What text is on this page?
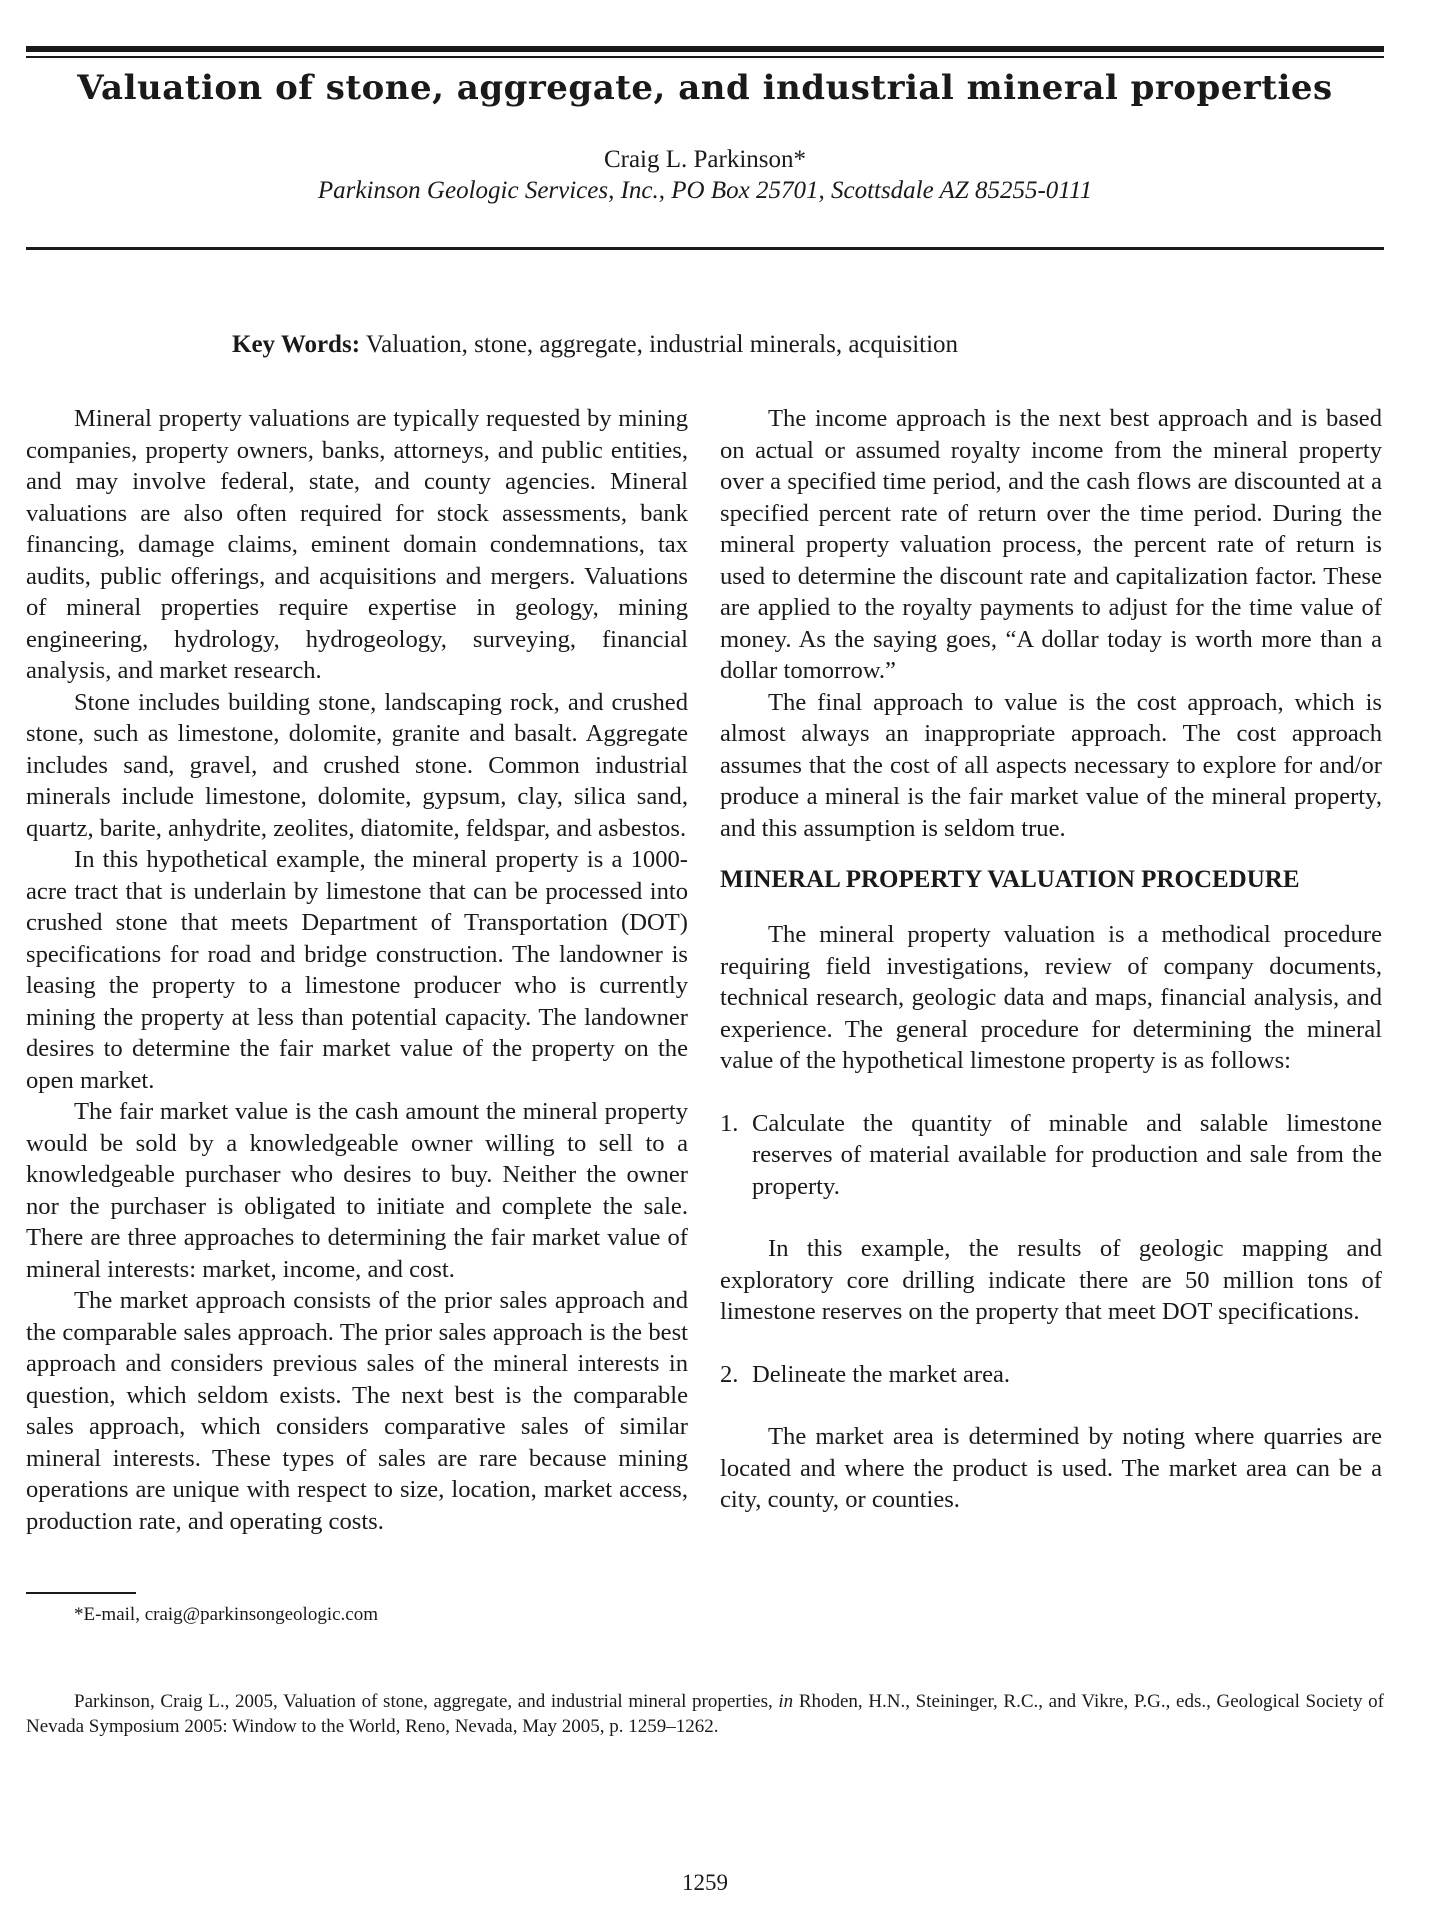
Valuation of stone, aggregate, and industrial mineral properties
Craig L. Parkinson*
Parkinson Geologic Services, Inc., PO Box 25701, Scottsdale AZ 85255-0111
Key Words: Valuation, stone, aggregate, industrial minerals, acquisition

Mineral property valuations are typically requested by mining companies, property owners, banks, attorneys, and public entities, and may involve federal, state, and county agencies. Mineral valuations are also often required for stock assessments, bank financing, damage claims, eminent domain condemnations, tax audits, public offerings, and acquisitions and mergers. Valuations of mineral properties require expertise in geology, mining engineering, hydrology, hydrogeology, surveying, financial analysis, and market research.

Stone includes building stone, landscaping rock, and crushed stone, such as limestone, dolomite, granite and basalt. Aggregate includes sand, gravel, and crushed stone. Common industrial minerals include limestone, dolomite, gypsum, clay, silica sand, quartz, barite, anhydrite, zeolites, diatomite, feldspar, and asbestos.

In this hypothetical example, the mineral property is a 1000-acre tract that is underlain by limestone that can be processed into crushed stone that meets Department of Transportation (DOT) specifications for road and bridge construction. The landowner is leasing the property to a limestone producer who is currently mining the property at less than potential capacity. The landowner desires to determine the fair market value of the property on the open market.

The fair market value is the cash amount the mineral property would be sold by a knowledgeable owner willing to sell to a knowledgeable purchaser who desires to buy. Neither the owner nor the purchaser is obligated to initiate and complete the sale. There are three approaches to determining the fair market value of mineral interests: market, income, and cost.

The market approach consists of the prior sales approach and the comparable sales approach. The prior sales approach is the best approach and considers previous sales of the mineral interests in question, which seldom exists. The next best is the comparable sales approach, which considers comparative sales of similar mineral interests. These types of sales are rare because mining operations are unique with respect to size, location, market access, production rate, and operating costs.

The income approach is the next best approach and is based on actual or assumed royalty income from the mineral property over a specified time period, and the cash flows are discounted at a specified percent rate of return over the time period. During the mineral property valuation process, the percent rate of return is used to determine the discount rate and capitalization factor. These are applied to the royalty payments to adjust for the time value of money. As the saying goes, “A dollar today is worth more than a dollar tomorrow.”

The final approach to value is the cost approach, which is almost always an inappropriate approach. The cost approach assumes that the cost of all aspects necessary to explore for and/or produce a mineral is the fair market value of the mineral property, and this assumption is seldom true.

MINERAL PROPERTY VALUATION PROCEDURE

The mineral property valuation is a methodical procedure requiring field investigations, review of company documents, technical research, geologic data and maps, financial analysis, and experience. The general procedure for determining the mineral value of the hypothetical limestone property is as follows:

1. Calculate the quantity of minable and salable limestone reserves of material available for production and sale from the property.

In this example, the results of geologic mapping and exploratory core drilling indicate there are 50 million tons of limestone reserves on the property that meet DOT specifications.

2. Delineate the market area.

The market area is determined by noting where quarries are located and where the product is used. The market area can be a city, county, or counties.

*E-mail, craig@parkinsongeologic.com
Parkinson, Craig L., 2005, Valuation of stone, aggregate, and industrial mineral properties, in Rhoden, H.N., Steininger, R.C., and Vikre, P.G., eds., Geological Society of Nevada Symposium 2005: Window to the World, Reno, Nevada, May 2005, p. 1259–1262.
1259
